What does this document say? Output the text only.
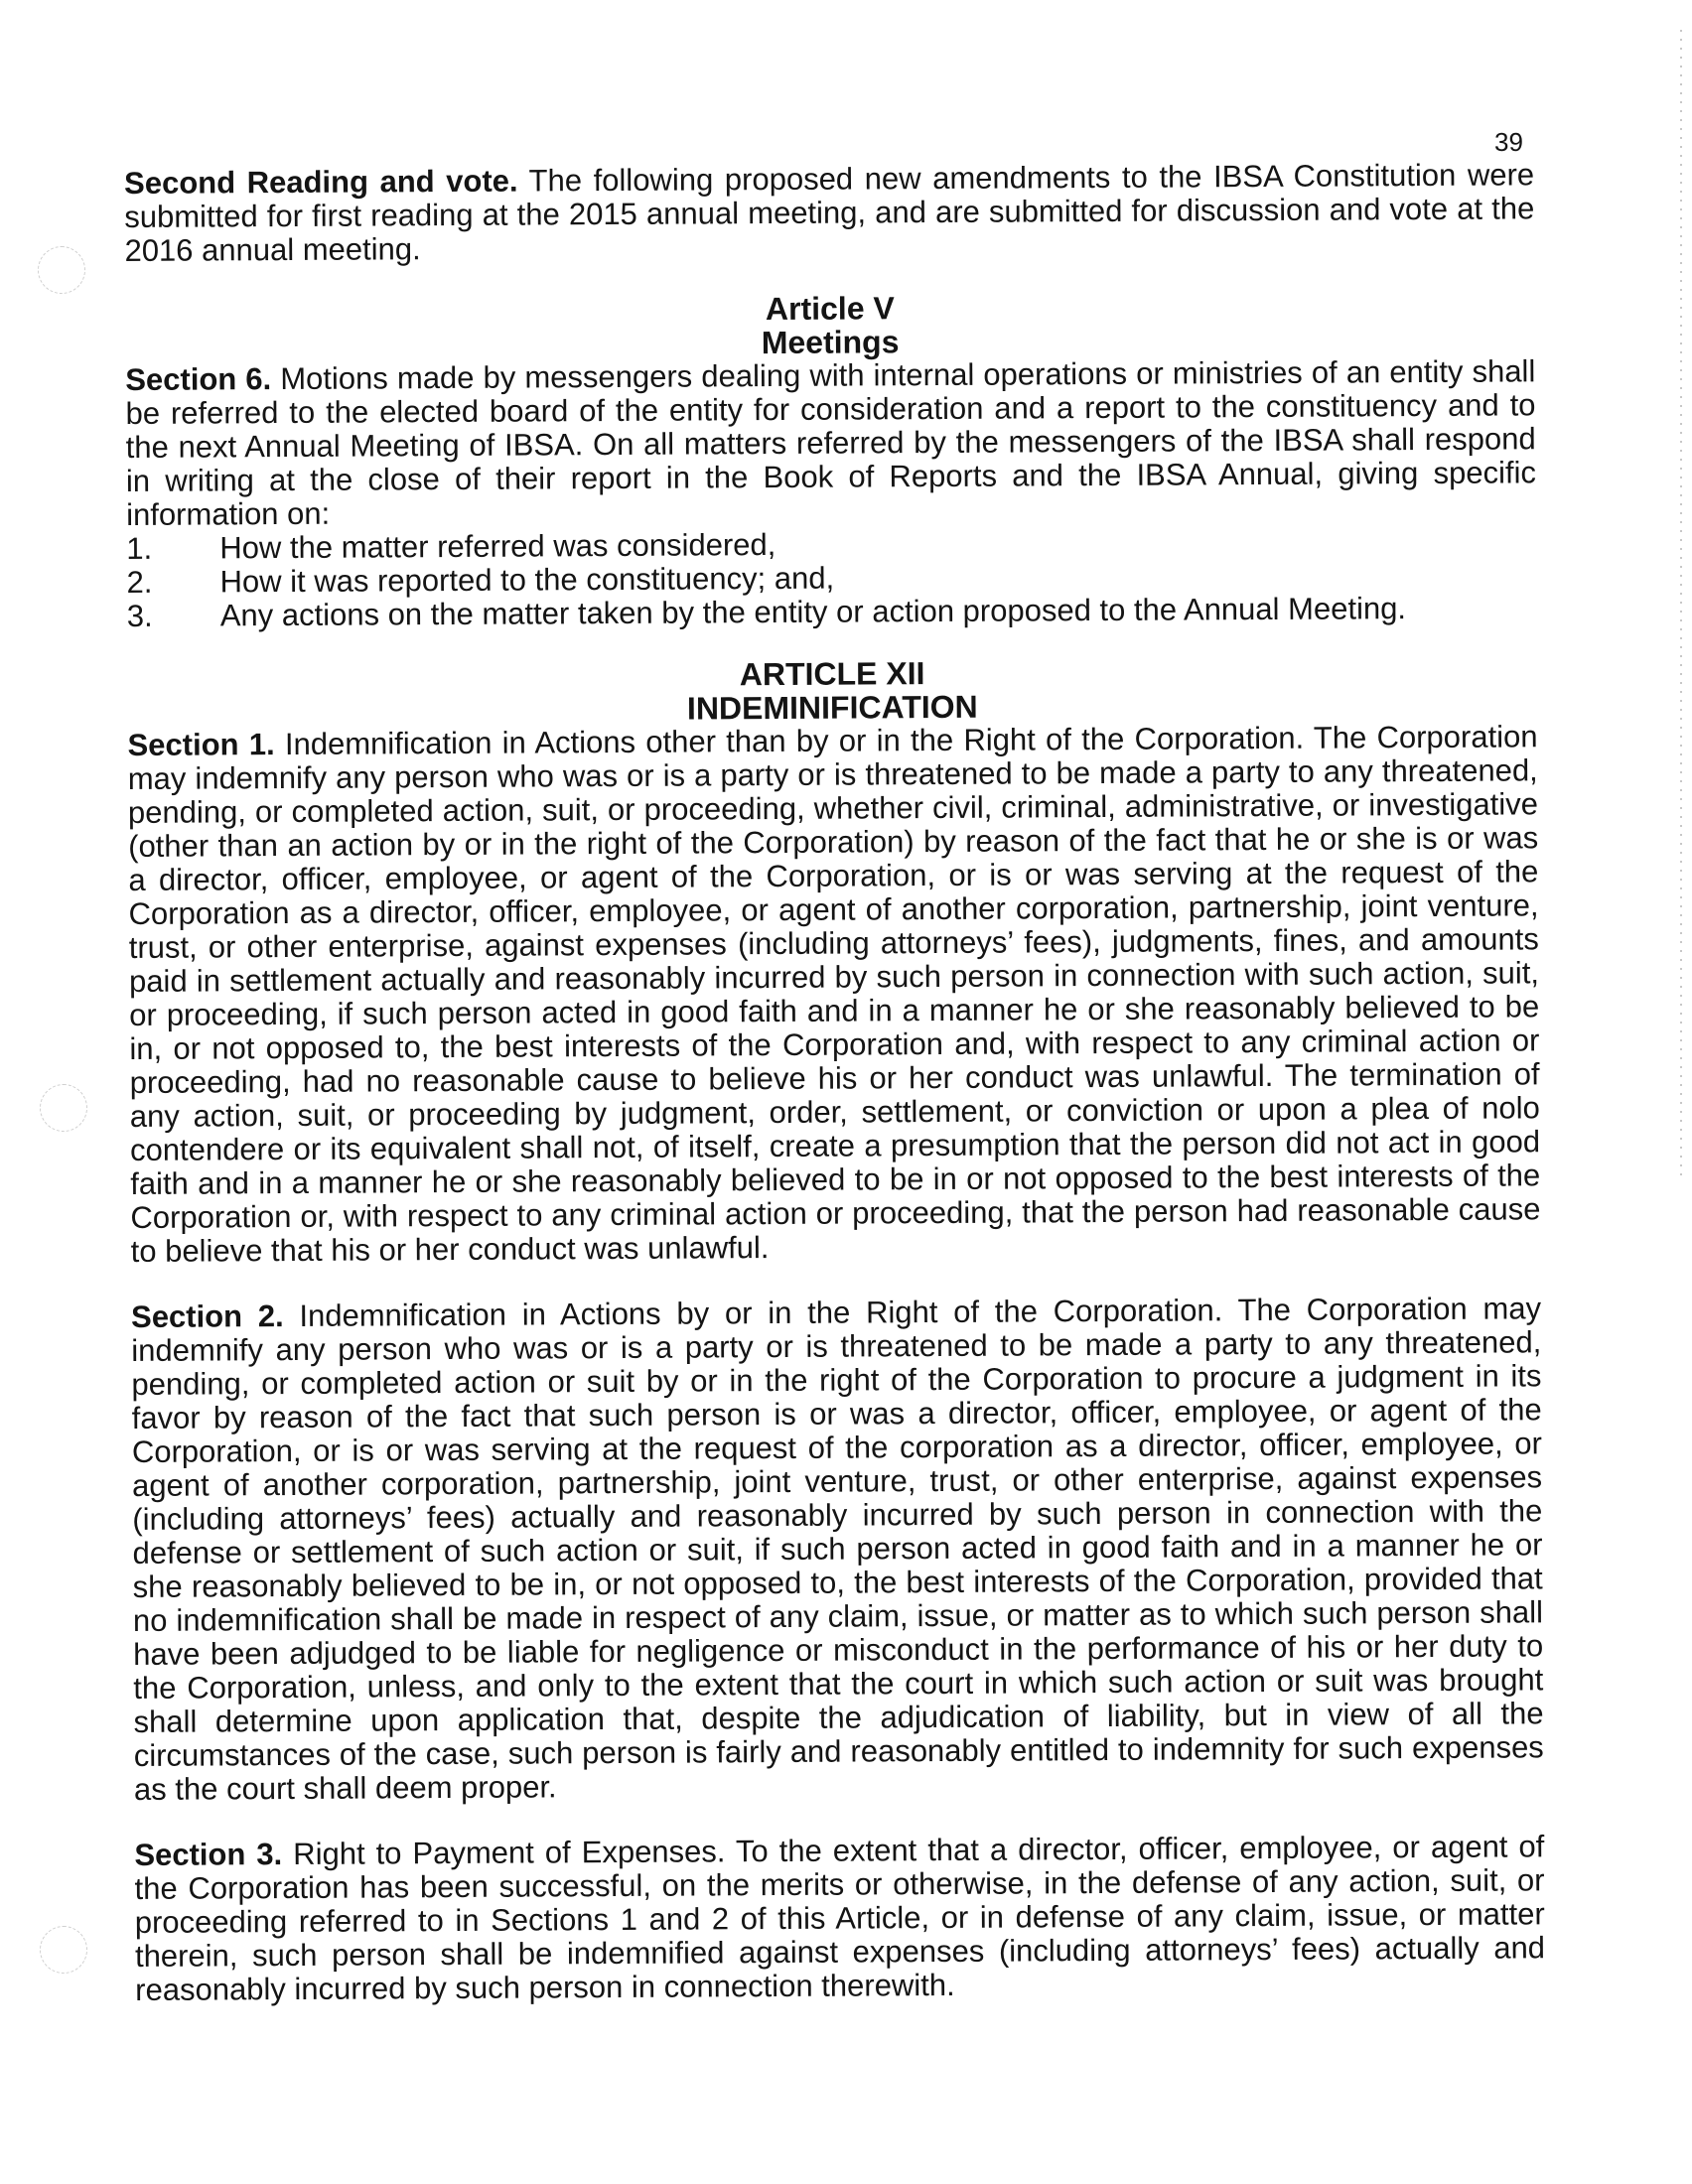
39

Second Reading and vote. The following proposed new amendments to the IBSA Constitution were submitted for first reading at the 2015 annual meeting, and are submitted for discussion and vote at the 2016 annual meeting.

Article V
Meetings

Section 6. Motions made by messengers dealing with internal operations or ministries of an entity shall be referred to the elected board of the entity for consideration and a report to the constituency and to the next Annual Meeting of IBSA. On all matters referred by the messengers of the IBSA shall respond in writing at the close of their report in the Book of Reports and the IBSA Annual, giving specific information on:

1.	How the matter referred was considered,
2.	How it was reported to the constituency; and,
3.	Any actions on the matter taken by the entity or action proposed to the Annual Meeting.
ARTICLE XII
INDEMINIFICATION

Section 1. Indemnification in Actions other than by or in the Right of the Corporation. The Corporation may indemnify any person who was or is a party or is threatened to be made a party to any threatened, pending, or completed action, suit, or proceeding, whether civil, criminal, administrative, or investigative (other than an action by or in the right of the Corporation) by reason of the fact that he or she is or was a director, officer, employee, or agent of the Corporation, or is or was serving at the request of the Corporation as a director, officer, employee, or agent of another corporation, partnership, joint venture, trust, or other enterprise, against expenses (including attorneys’ fees), judgments, fines, and amounts paid in settlement actually and reasonably incurred by such person in connection with such action, suit, or proceeding, if such person acted in good faith and in a manner he or she reasonably believed to be in, or not opposed to, the best interests of the Corporation and, with respect to any criminal action or proceeding, had no reasonable cause to believe his or her conduct was unlawful. The termination of any action, suit, or proceeding by judgment, order, settlement, or conviction or upon a plea of nolo contendere or its equivalent shall not, of itself, create a presumption that the person did not act in good faith and in a manner he or she reasonably believed to be in or not opposed to the best interests of the Corporation or, with respect to any criminal action or proceeding, that the person had reasonable cause to believe that his or her conduct was unlawful.

Section 2. Indemnification in Actions by or in the Right of the Corporation. The Corporation may indemnify any person who was or is a party or is threatened to be made a party to any threatened, pending, or completed action or suit by or in the right of the Corporation to procure a judgment in its favor by reason of the fact that such person is or was a director, officer, employee, or agent of the Corporation, or is or was serving at the request of the corporation as a director, officer, employee, or agent of another corporation, partnership, joint venture, trust, or other enterprise, against expenses (including attorneys’ fees) actually and reasonably incurred by such person in connection with the defense or settlement of such action or suit, if such person acted in good faith and in a manner he or she reasonably believed to be in, or not opposed to, the best interests of the Corporation, provided that no indemnification shall be made in respect of any claim, issue, or matter as to which such person shall have been adjudged to be liable for negligence or misconduct in the performance of his or her duty to the Corporation, unless, and only to the extent that the court in which such action or suit was brought shall determine upon application that, despite the adjudication of liability, but in view of all the circumstances of the case, such person is fairly and reasonably entitled to indemnity for such expenses as the court shall deem proper.

Section 3. Right to Payment of Expenses. To the extent that a director, officer, employee, or agent of the Corporation has been successful, on the merits or otherwise, in the defense of any action, suit, or proceeding referred to in Sections 1 and 2 of this Article, or in defense of any claim, issue, or matter therein, such person shall be indemnified against expenses (including attorneys’ fees) actually and reasonably incurred by such person in connection therewith.
